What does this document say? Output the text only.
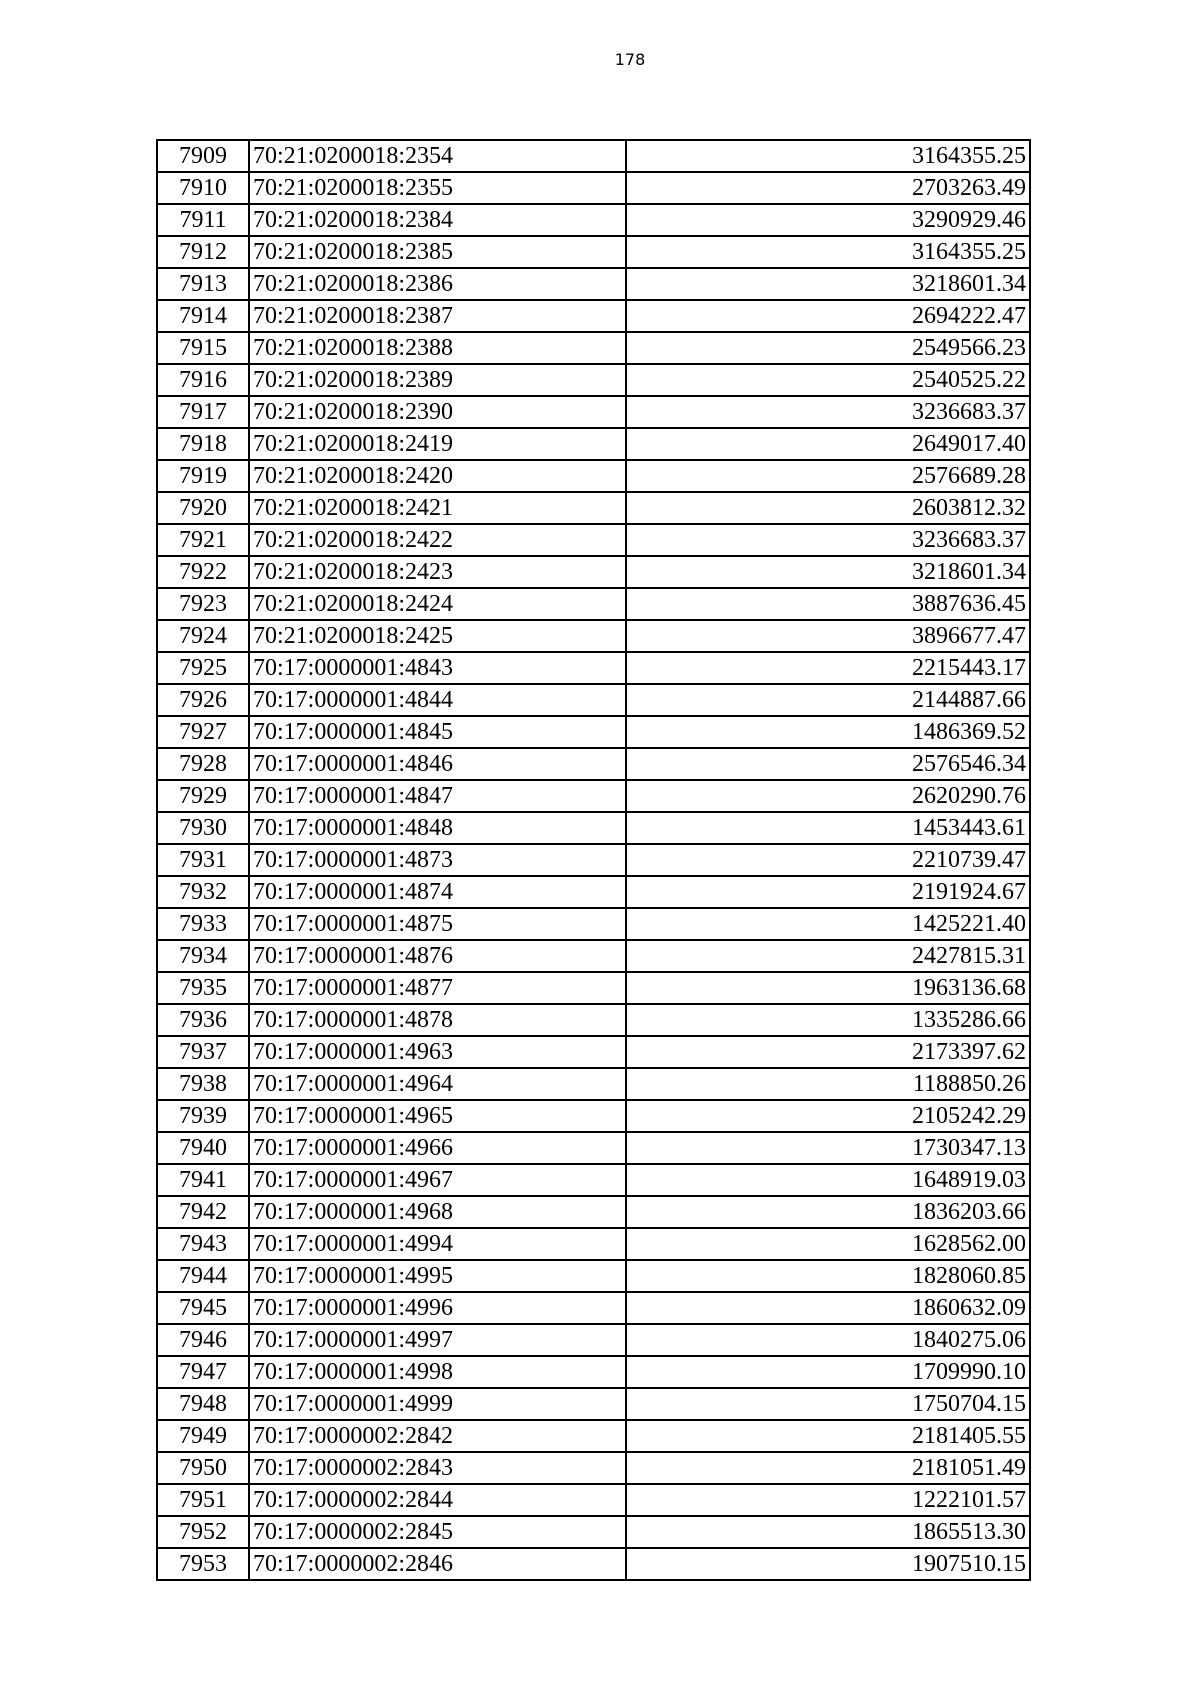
178
7909	70:21:0200018:2354	3164355.25
7910	70:21:0200018:2355	2703263.49
7911	70:21:0200018:2384	3290929.46
7912	70:21:0200018:2385	3164355.25
7913	70:21:0200018:2386	3218601.34
7914	70:21:0200018:2387	2694222.47
7915	70:21:0200018:2388	2549566.23
7916	70:21:0200018:2389	2540525.22
7917	70:21:0200018:2390	3236683.37
7918	70:21:0200018:2419	2649017.40
7919	70:21:0200018:2420	2576689.28
7920	70:21:0200018:2421	2603812.32
7921	70:21:0200018:2422	3236683.37
7922	70:21:0200018:2423	3218601.34
7923	70:21:0200018:2424	3887636.45
7924	70:21:0200018:2425	3896677.47
7925	70:17:0000001:4843	2215443.17
7926	70:17:0000001:4844	2144887.66
7927	70:17:0000001:4845	1486369.52
7928	70:17:0000001:4846	2576546.34
7929	70:17:0000001:4847	2620290.76
7930	70:17:0000001:4848	1453443.61
7931	70:17:0000001:4873	2210739.47
7932	70:17:0000001:4874	2191924.67
7933	70:17:0000001:4875	1425221.40
7934	70:17:0000001:4876	2427815.31
7935	70:17:0000001:4877	1963136.68
7936	70:17:0000001:4878	1335286.66
7937	70:17:0000001:4963	2173397.62
7938	70:17:0000001:4964	1188850.26
7939	70:17:0000001:4965	2105242.29
7940	70:17:0000001:4966	1730347.13
7941	70:17:0000001:4967	1648919.03
7942	70:17:0000001:4968	1836203.66
7943	70:17:0000001:4994	1628562.00
7944	70:17:0000001:4995	1828060.85
7945	70:17:0000001:4996	1860632.09
7946	70:17:0000001:4997	1840275.06
7947	70:17:0000001:4998	1709990.10
7948	70:17:0000001:4999	1750704.15
7949	70:17:0000002:2842	2181405.55
7950	70:17:0000002:2843	2181051.49
7951	70:17:0000002:2844	1222101.57
7952	70:17:0000002:2845	1865513.30
7953	70:17:0000002:2846	1907510.15
